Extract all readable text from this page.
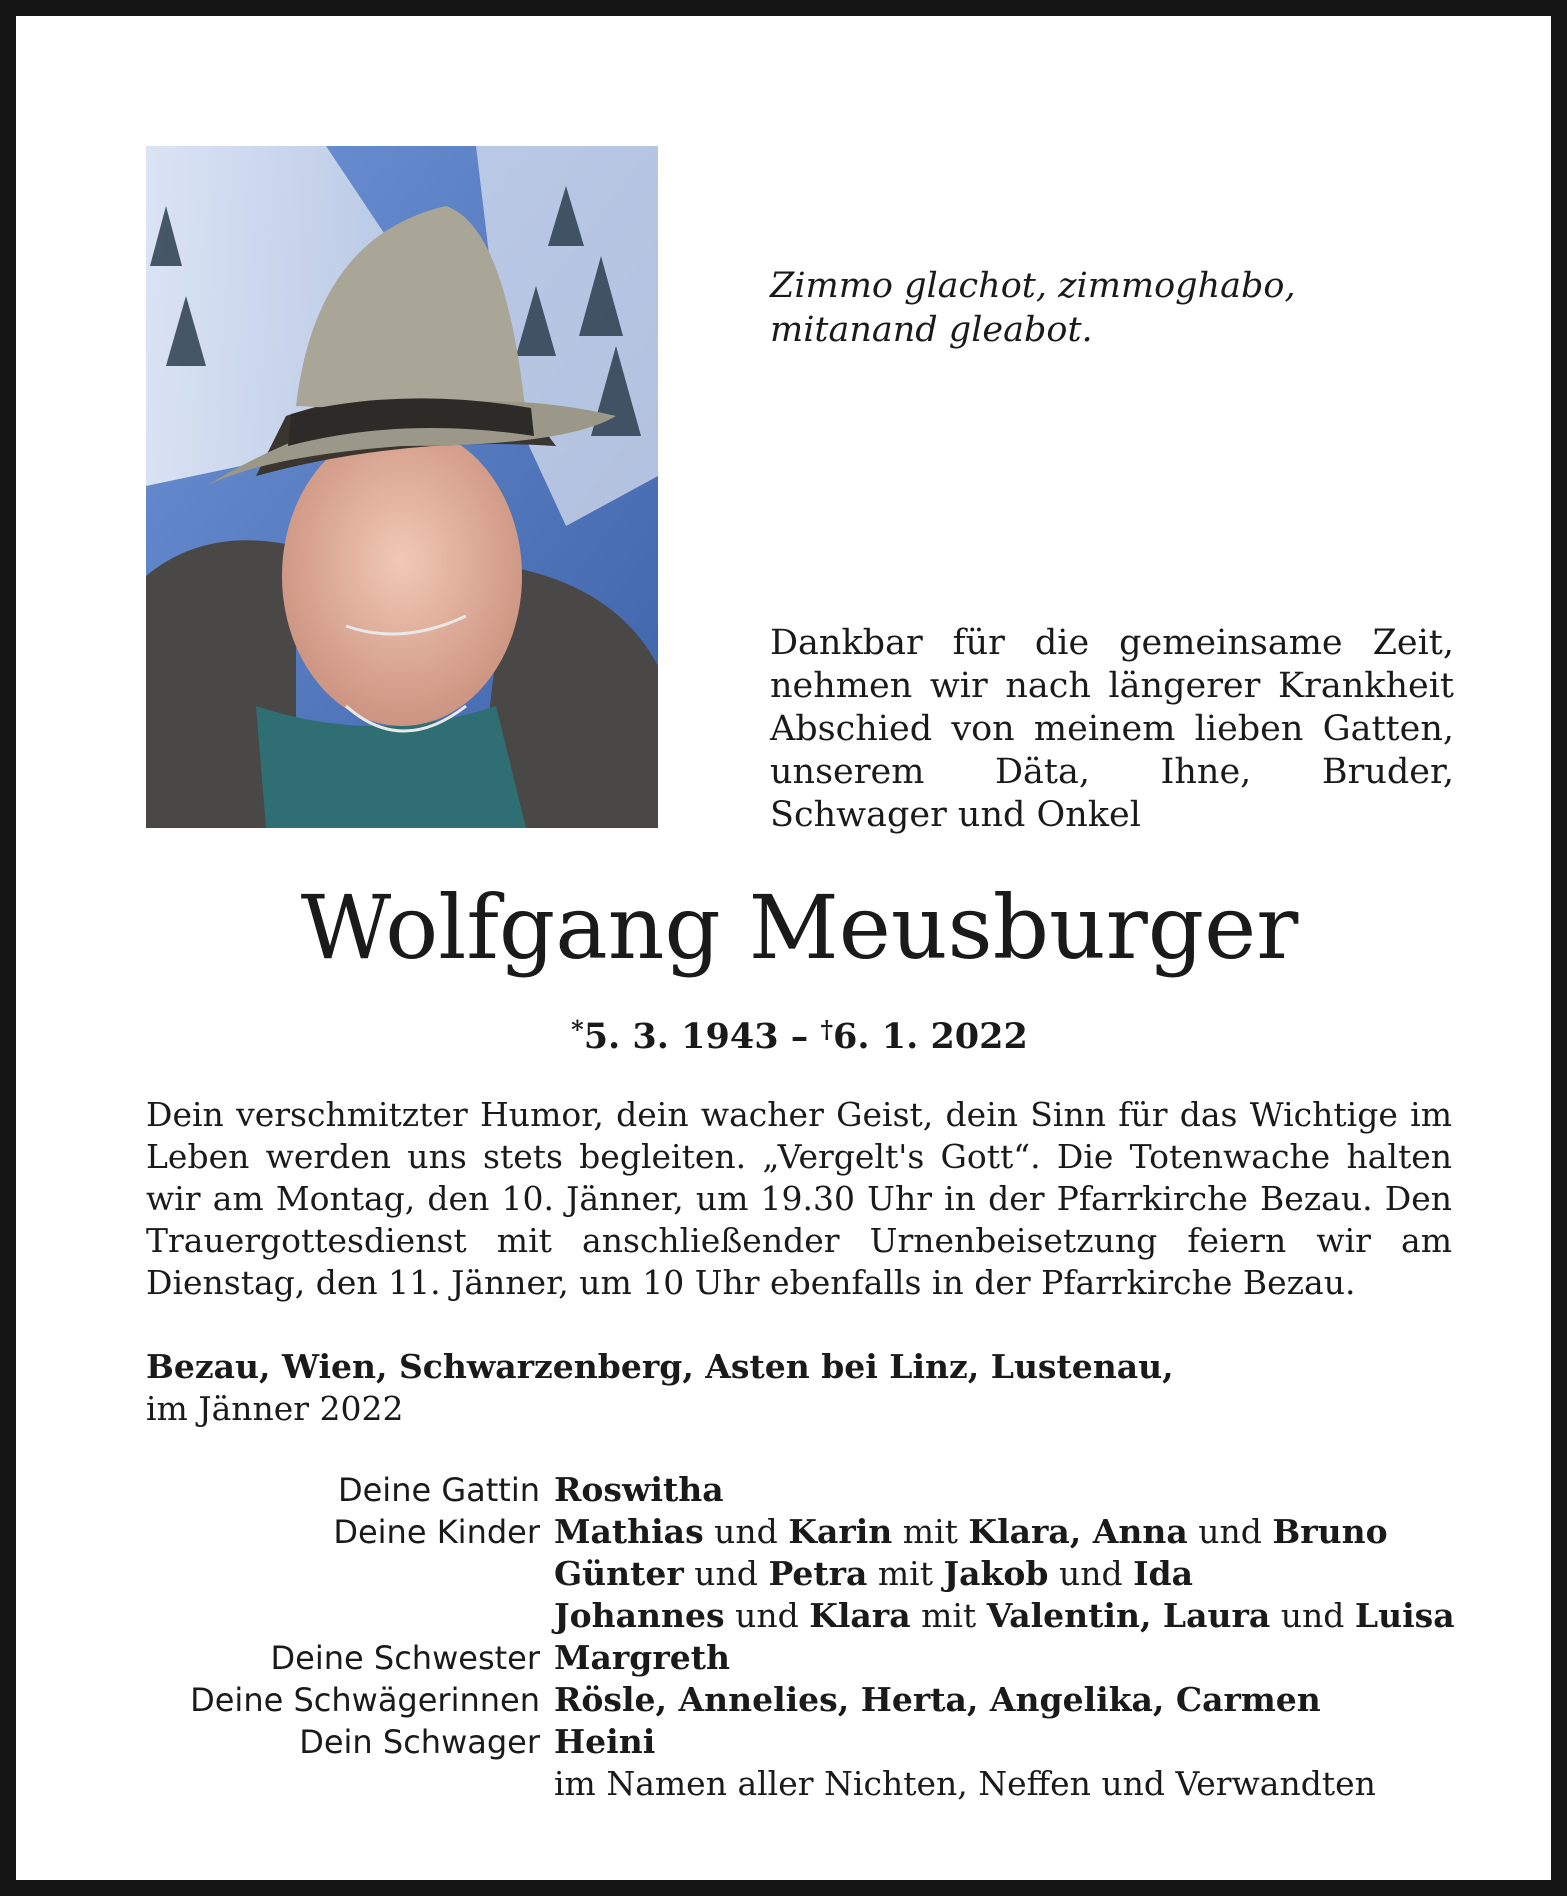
Zimmo glachot, zimmoghabo,
mitanand gleabot.
Dankbar für die gemeinsame Zeit, nehmen wir nach längerer Krankheit Abschied von meinem lieben Gatten, unserem Däta, Ihne, Bruder, Schwager und Onkel
Wolfgang Meusburger
*5. 3. 1943 – †6. 1. 2022
Dein verschmitzter Humor, dein wacher Geist, dein Sinn für das Wichtige im Leben werden uns stets begleiten. „Vergelt's Gott“. Die Totenwache halten wir am Montag, den 10. Jänner, um 19.30 Uhr in der Pfarrkirche Bezau. Den Trauergottesdienst mit anschließender Urnenbeisetzung feiern wir am Dienstag, den 11. Jänner, um 10 Uhr ebenfalls in der Pfarrkirche Bezau.
Bezau, Wien, Schwarzenberg, Asten bei Linz, Lustenau,
im Jänner 2022
Deine Gattin Roswitha
Deine Kinder Mathias und Karin mit Klara, Anna und Bruno
Günter und Petra mit Jakob und Ida
Johannes und Klara mit Valentin, Laura und Luisa
Deine Schwester Margreth
Deine Schwägerinnen Rösle, Annelies, Herta, Angelika, Carmen
Dein Schwager Heini
im Namen aller Nichten, Neffen und Verwandten
